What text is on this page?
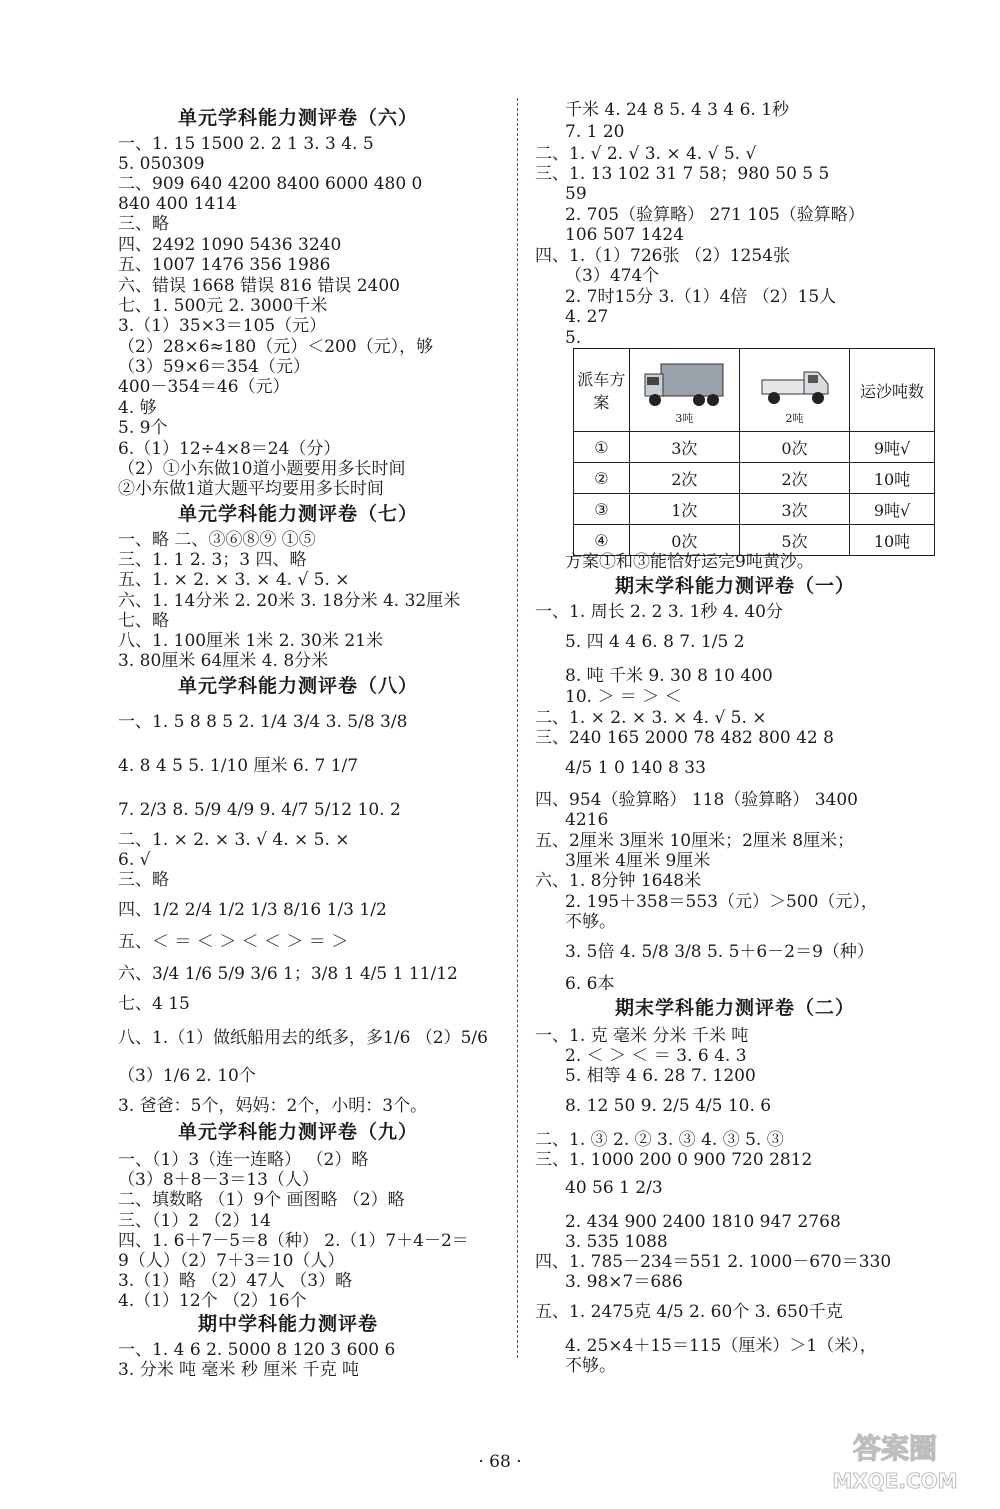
单元学科能力测评卷（六）
一、1. 15 1500 2. 2 1 3. 3 4. 5
5. 050309
二、909 640 4200 8400 6000 480 0
840 400 1414
三、略
四、2492 1090 5436 3240
五、1007 1476 356 1986
六、错误 1668 错误 816 错误 2400
七、1. 500元 2. 3000千米
3.（1）35×3＝105（元）
（2）28×6≈180（元）＜200（元），够
（3）59×6＝354（元）
400－354＝46（元）
4. 够
5. 9个
6.（1）12÷4×8＝24（分）
（2）①小东做10道小题要用多长时间
②小东做1道大题平均要用多长时间
单元学科能力测评卷（七）
一、略 二、③⑥⑧⑨ ①⑤
三、1. 1 2. 3；3 四、略
五、1. × 2. × 3. × 4. √ 5. ×
六、1. 14分米 2. 20米 3. 18分米 4. 32厘米
七、略
八、1. 100厘米 1米 2. 30米 21米
3. 80厘米 64厘米 4. 8分米
单元学科能力测评卷（八）
一、1. 5 8 8 5 2. 1/4 3/4 3. 5/8 3/8
4. 8 4 5 5. 1/10 厘米 6. 7 1/7
7. 2/3 8. 5/9 4/9 9. 4/7 5/12 10. 2
二、1. × 2. × 3. √ 4. × 5. ×
6. √
三、略
四、1/2 2/4 1/2 1/3 8/16 1/3 1/2
五、＜ ＝ ＜ ＞ ＜ ＜ ＞ ＝ ＞
六、3/4 1/6 5/9 3/6 1；3/8 1 4/5 1 11/12
七、4 15
八、1.（1）做纸船用去的纸多，多1/6 （2）5/6
（3）1/6 2. 10个
3. 爸爸：5个，妈妈：2个，小明：3个。
单元学科能力测评卷（九）
一、（1）3（连一连略） （2）略
（3）8＋8－3＝13（人）
二、填数略 （1）9个 画图略 （2）略
三、（1）2 （2）14
四、1. 6＋7－5＝8（种） 2.（1）7＋4－2＝
9（人）（2）7＋3＝10（人）
3.（1）略 （2）47人 （3）略
4.（1）12个 （2）16个
期中学科能力测评卷
一、1. 4 6 2. 5000 8 120 3 600 6
3. 分米 吨 毫米 秒 厘米 千克 吨
千米 4. 24 8 5. 4 3 4 6. 1秒
7. 1 20
二、1. √ 2. √ 3. × 4. √ 5. √
三、1. 13 102 31 7 58；980 50 5 5
59
2. 705（验算略） 271 105（验算略）
106 507 1424
四、1.（1）726张 （2）1254张
（3）474个
2. 7时15分 3.（1）4倍 （2）15人
4. 27
5.
派车方案	3吨	2吨	运沙吨数
①	3次	0次	9吨√
②	2次	2次	10吨
③	1次	3次	9吨√
④	0次	5次	10吨
方案①和③能恰好运完9吨黄沙。
期末学科能力测评卷（一）
一、1. 周长 2. 2 3. 1秒 4. 40分
5. 四 4 4 6. 8 7. 1/5 2
8. 吨 千米 9. 30 8 10 400
10. ＞ ＝ ＞ ＜
二、1. × 2. × 3. × 4. √ 5. ×
三、240 165 2000 78 482 800 42 8
4/5 1 0 140 8 33
四、954（验算略） 118（验算略） 3400
4216
五、2厘米 3厘米 10厘米；2厘米 8厘米；
3厘米 4厘米 9厘米
六、1. 8分钟 1648米
2. 195＋358＝553（元）＞500（元），
不够。
3. 5倍 4. 5/8 3/8 5. 5＋6－2＝9（种）
6. 6本
期末学科能力测评卷（二）
一、1. 克 毫米 分米 千米 吨
2. ＜ ＞ ＜ ＝ 3. 6 4. 3
5. 相等 4 6. 28 7. 1200
8. 12 50 9. 2/5 4/5 10. 6
二、1. ③ 2. ② 3. ③ 4. ③ 5. ③
三、1. 1000 200 0 900 720 2812
40 56 1 2/3
2. 434 900 2400 1810 947 2768
3. 535 1088
四、1. 785－234＝551 2. 1000－670＝330
3. 98×7＝686
五、1. 2475克 4/5 2. 60个 3. 650千克
4. 25×4＋15＝115（厘米）＞1（米），
不够。
· 68 ·	答案圈
MXQE.COM
